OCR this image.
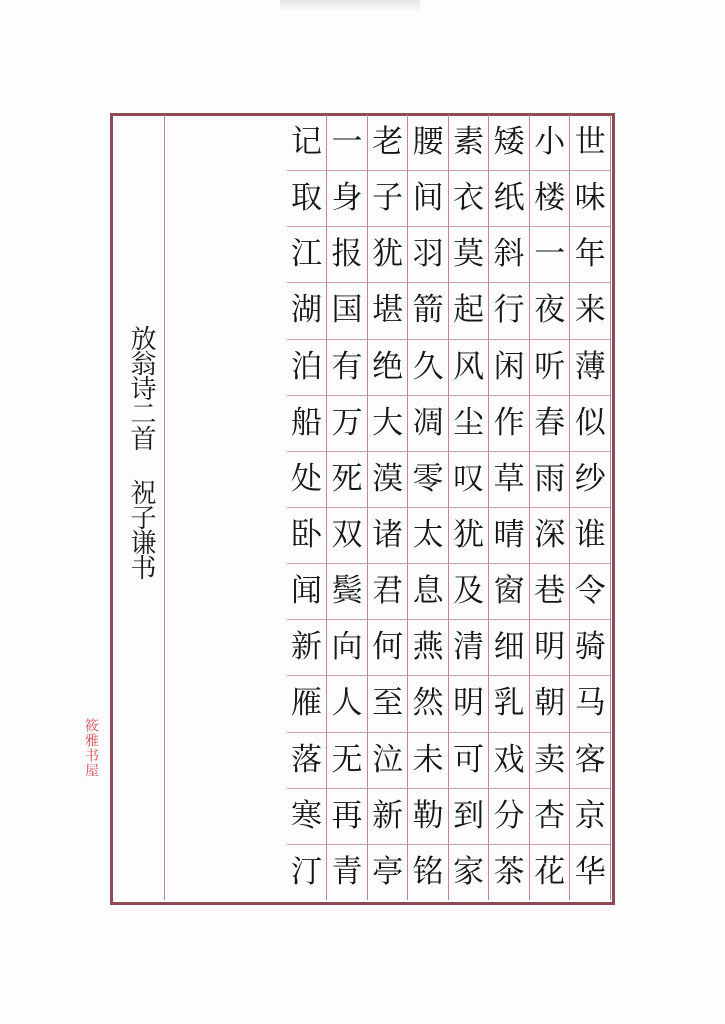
世
味
年
来
薄
似
纱
谁
令
骑
马
客
京
华
小
楼
一
夜
听
春
雨
深
巷
明
朝
卖
杏
花
矮
纸
斜
行
闲
作
草
晴
窗
细
乳
戏
分
茶
素
衣
莫
起
风
尘
叹
犹
及
清
明
可
到
家
腰
间
羽
箭
久
凋
零
太
息
燕
然
未
勒
铭
老
子
犹
堪
绝
大
漠
诸
君
何
至
泣
新
亭
一
身
报
国
有
万
死
双
鬓
向
人
无
再
青
记
取
江
湖
泊
船
处
卧
闻
新
雁
落
寒
汀
放翁诗二首 祝子谦书
筱雅书屋
